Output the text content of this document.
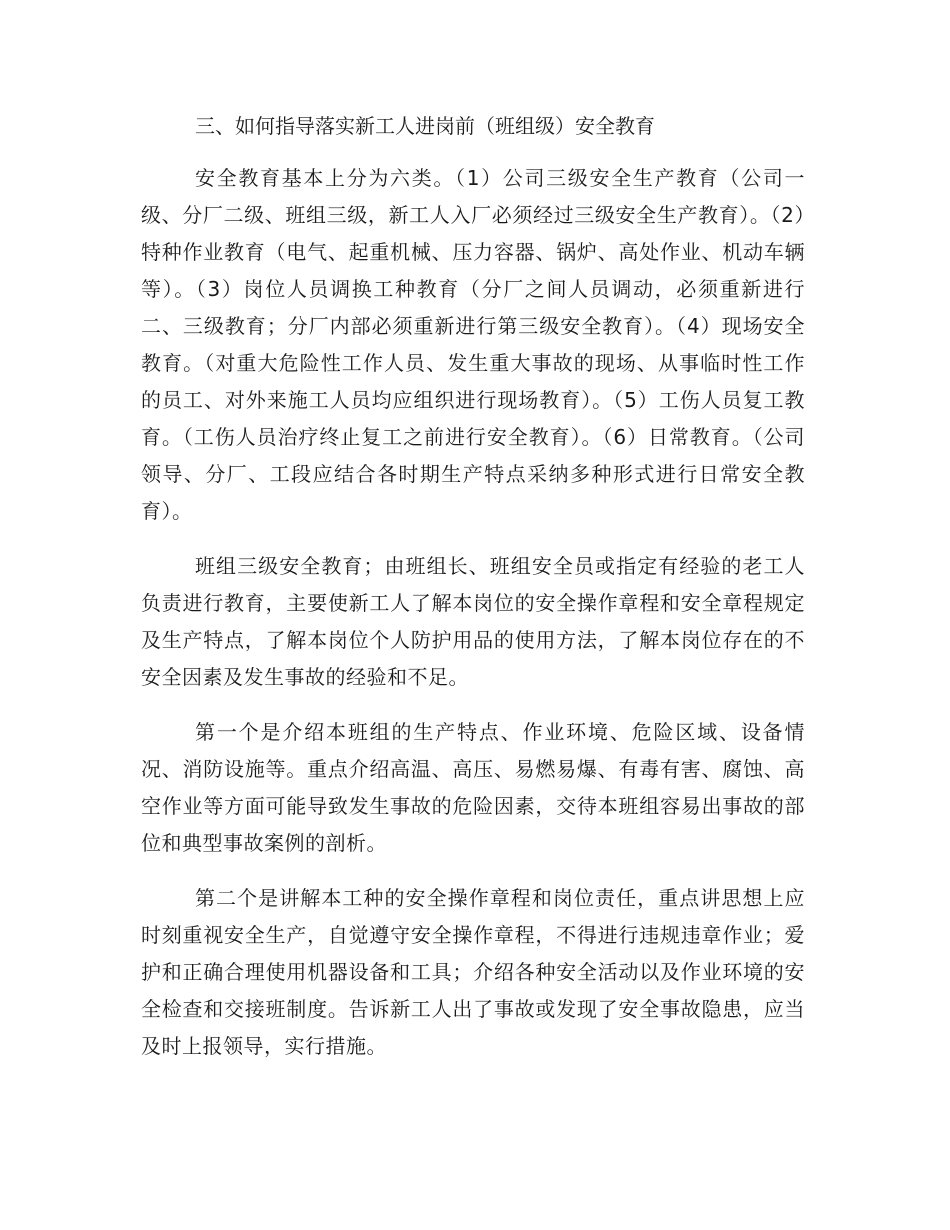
三、如何指导落实新工人进岗前（班组级）安全教育

安全教育基本上分为六类。（1）公司三级安全生产教育（公司一级、分厂二级、班组三级，新工人入厂必须经过三级安全生产教育）。（2）特种作业教育（电气、起重机械、压力容器、锅炉、高处作业、机动车辆等）。（3）岗位人员调换工种教育（分厂之间人员调动，必须重新进行二、三级教育；分厂内部必须重新进行第三级安全教育）。（4）现场安全教育。（对重大危险性工作人员、发生重大事故的现场、从事临时性工作的员工、对外来施工人员均应组织进行现场教育）。（5）工伤人员复工教育。（工伤人员治疗终止复工之前进行安全教育）。（6）日常教育。（公司领导、分厂、工段应结合各时期生产特点采纳多种形式进行日常安全教育）。

班组三级安全教育；由班组长、班组安全员或指定有经验的老工人负责进行教育，主要使新工人了解本岗位的安全操作章程和安全章程规定及生产特点，了解本岗位个人防护用品的使用方法，了解本岗位存在的不安全因素及发生事故的经验和不足。

第一个是介绍本班组的生产特点、作业环境、危险区域、设备情况、消防设施等。重点介绍高温、高压、易燃易爆、有毒有害、腐蚀、高空作业等方面可能导致发生事故的危险因素，交待本班组容易出事故的部位和典型事故案例的剖析。

第二个是讲解本工种的安全操作章程和岗位责任，重点讲思想上应时刻重视安全生产，自觉遵守安全操作章程，不得进行违规违章作业；爱护和正确合理使用机器设备和工具；介绍各种安全活动以及作业环境的安全检查和交接班制度。告诉新工人出了事故或发现了安全事故隐患，应当及时上报领导，实行措施。
